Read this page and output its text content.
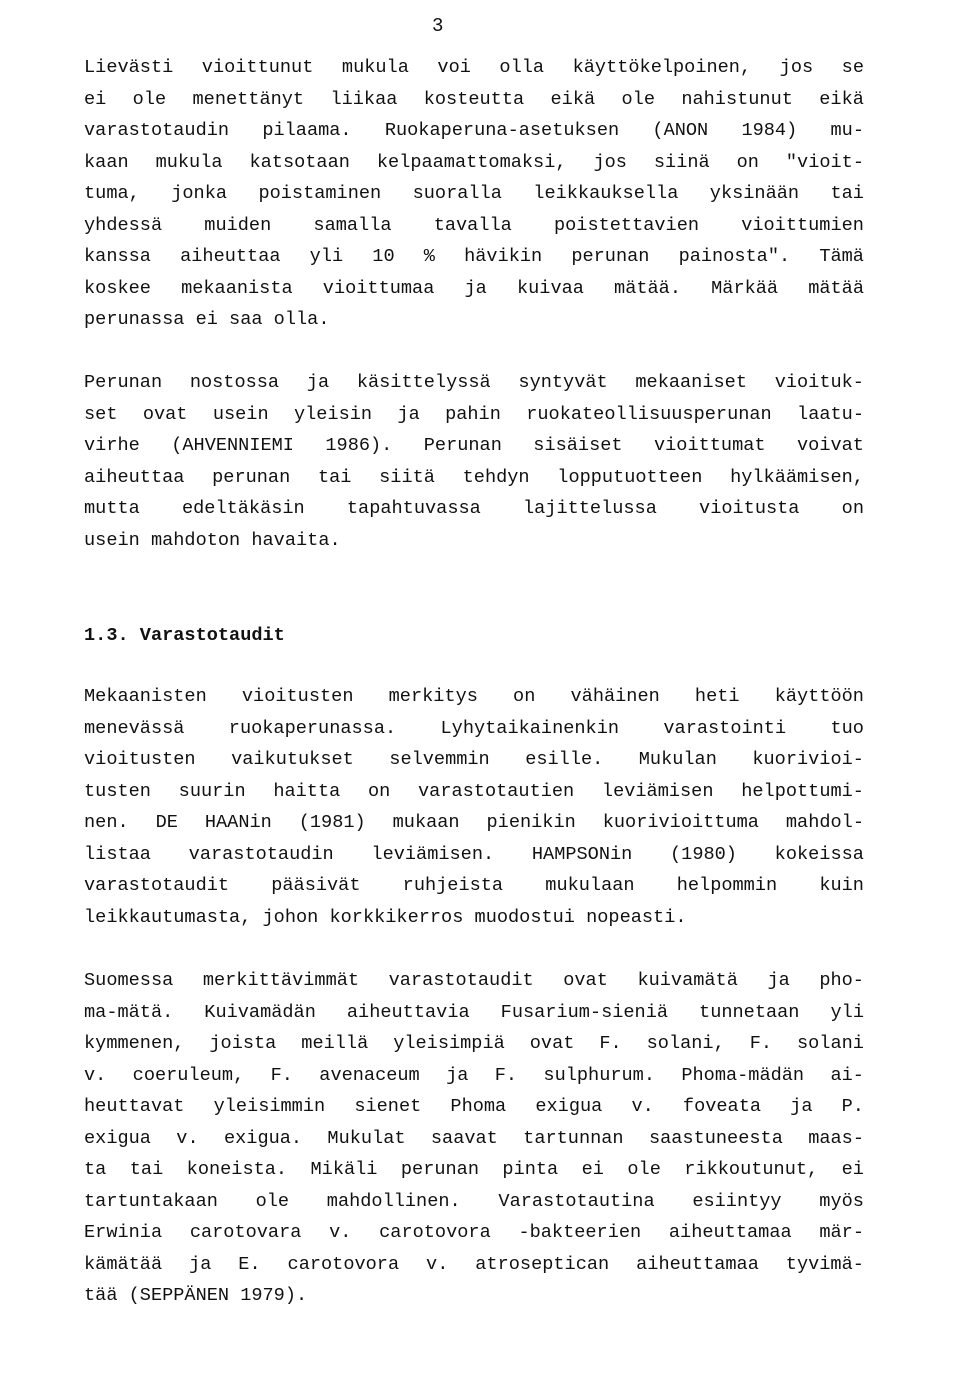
3
Lievästi vioittunut mukula voi olla käyttökelpoinen, jos se
ei ole menettänyt liikaa kosteutta eikä ole nahistunut eikä
varastotaudin pilaama. Ruokaperuna-asetuksen (ANON 1984) mu-
kaan mukula katsotaan kelpaamattomaksi, jos siinä on "vioit-
tuma, jonka poistaminen suoralla leikkauksella yksinään tai
yhdessä muiden samalla tavalla poistettavien vioittumien
kanssa aiheuttaa yli 10 % hävikin perunan painosta". Tämä
koskee mekaanista vioittumaa ja kuivaa mätää. Märkää mätää
perunassa ei saa olla.
Perunan nostossa ja käsittelyssä syntyvät mekaaniset vioituk-
set ovat usein yleisin ja pahin ruokateollisuusperunan laatu-
virhe (AHVENNIEMI 1986). Perunan sisäiset vioittumat voivat
aiheuttaa perunan tai siitä tehdyn lopputuotteen hylkäämisen,
mutta edeltäkäsin tapahtuvassa lajittelussa vioitusta on
usein mahdoton havaita.
1.3. Varastotaudit
Mekaanisten vioitusten merkitys on vähäinen heti käyttöön
menevässä ruokaperunassa. Lyhytaikainenkin varastointi tuo
vioitusten vaikutukset selvemmin esille. Mukulan kuorivioi-
tusten suurin haitta on varastotautien leviämisen helpottumi-
nen. DE HAANin (1981) mukaan pienikin kuorivioittuma mahdol-
listaa varastotaudin leviämisen. HAMPSONin (1980) kokeissa
varastotaudit pääsivät ruhjeista mukulaan helpommin kuin
leikkautumasta, johon korkkikerros muodostui nopeasti.
Suomessa merkittävimmät varastotaudit ovat kuivamätä ja pho-
ma-mätä. Kuivamädän aiheuttavia Fusarium-sieniä tunnetaan yli
kymmenen, joista meillä yleisimpiä ovat F. solani, F. solani
v. coeruleum, F. avenaceum ja F. sulphurum. Phoma-mädän ai-
heuttavat yleisimmin sienet Phoma exigua v. foveata ja P.
exigua v. exigua. Mukulat saavat tartunnan saastuneesta maas-
ta tai koneista. Mikäli perunan pinta ei ole rikkoutunut, ei
tartuntakaan ole mahdollinen. Varastotautina esiintyy myös
Erwinia carotovara v. carotovora -bakteerien aiheuttamaa mär-
kämätää ja E. carotovora v. atroseptican aiheuttamaa tyvimä-
tää (SEPPÄNEN 1979).
